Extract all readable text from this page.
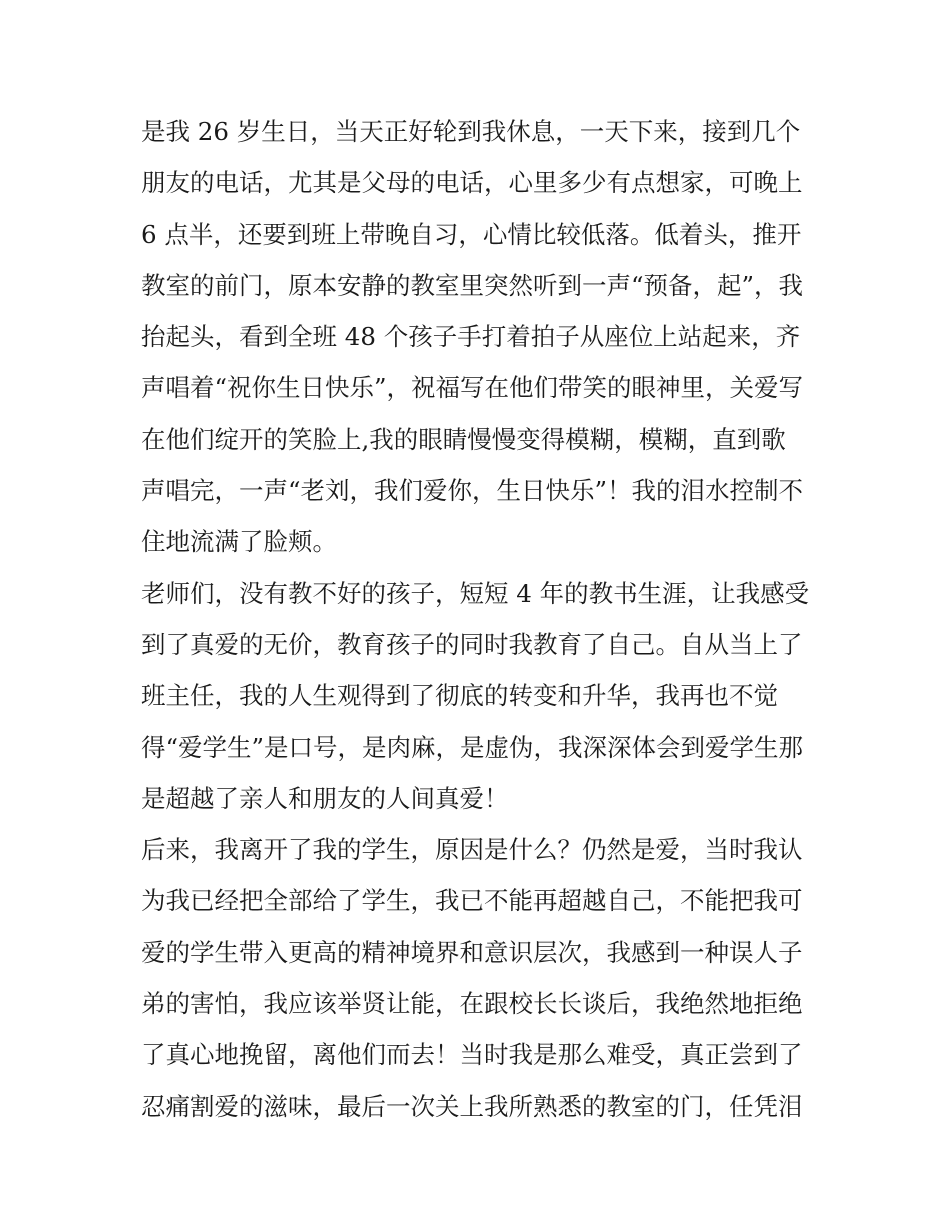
是我 26 岁生日，当天正好轮到我休息，一天下来，接到几个
朋友的电话，尤其是父母的电话，心里多少有点想家，可晚上
6 点半，还要到班上带晚自习，心情比较低落。低着头，推开
教室的前门，原本安静的教室里突然听到一声“预备，起”，我
抬起头，看到全班 48 个孩子手打着拍子从座位上站起来，齐
声唱着“祝你生日快乐”，祝福写在他们带笑的眼神里，关爱写
在他们绽开的笑脸上,我的眼睛慢慢变得模糊，模糊，直到歌
声唱完，一声“老刘，我们爱你，生日快乐”！我的泪水控制不
住地流满了脸颊。
老师们，没有教不好的孩子，短短 4 年的教书生涯，让我感受
到了真爱的无价，教育孩子的同时我教育了自己。自从当上了
班主任，我的人生观得到了彻底的转变和升华，我再也不觉
得“爱学生”是口号，是肉麻，是虚伪，我深深体会到爱学生那
是超越了亲人和朋友的人间真爱！
后来，我离开了我的学生，原因是什么？仍然是爱，当时我认
为我已经把全部给了学生，我已不能再超越自己，不能把我可
爱的学生带入更高的精神境界和意识层次，我感到一种误人子
弟的害怕，我应该举贤让能，在跟校长长谈后，我绝然地拒绝
了真心地挽留，离他们而去！当时我是那么难受，真正尝到了
忍痛割爱的滋味，最后一次关上我所熟悉的教室的门，任凭泪
